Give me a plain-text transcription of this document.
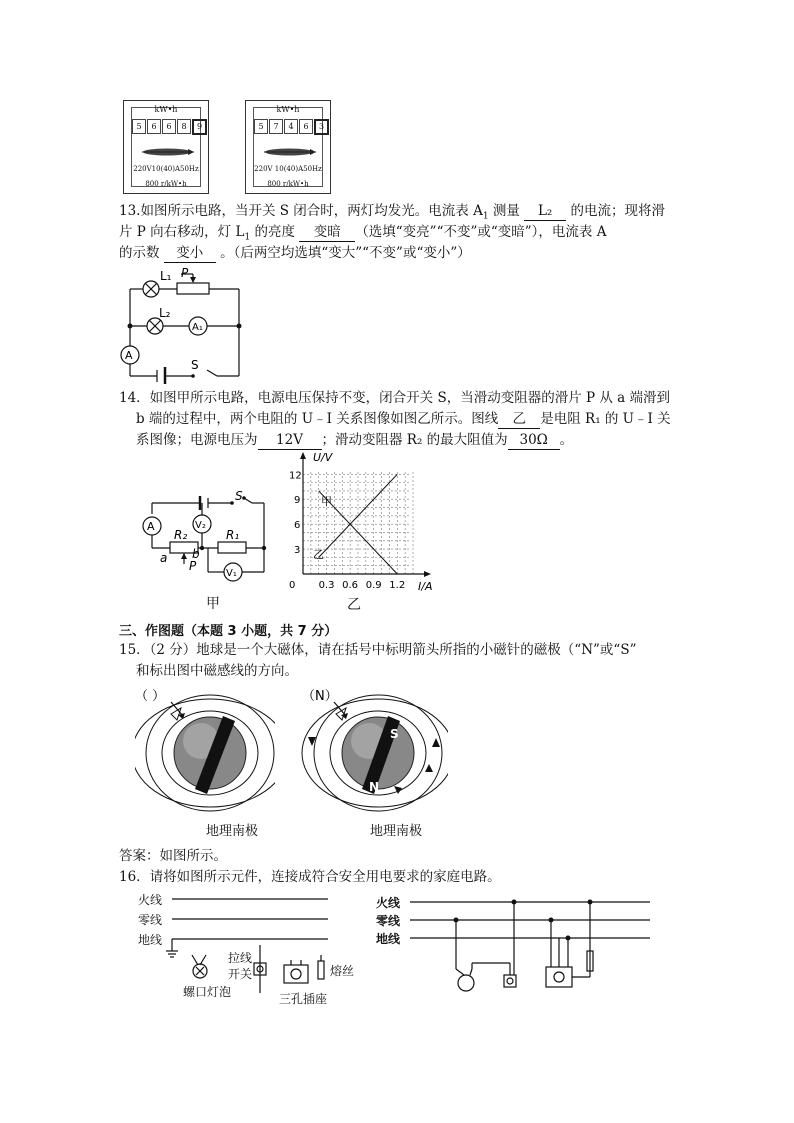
kW•h
5	6	6	8	9
220V10(40)A50Hz
800 r/kW•h
kW•h
5	7	4	6	3
220V 10(40)A50Hz
800 r/kW•h
13.如图所示电路，当开关 S 闭合时，两灯均发光。电流表 $A_1$ 测量 L₂ 的电流；现将滑
片 P 向右移动，灯 $L_1$ 的亮度 变暗 （选填“变亮”“不变”或“变暗”），电流表 A
的示数 变小 。（后两空均选填“变大”“不变”或“变小”）
L₁ P
L₂
A₁
A
S
14．如图甲所示电路，电源电压保持不变，闭合开关 S，当滑动变阻器的滑片 P 从 a 端滑到
b 端的过程中，两个电阻的 U﹣I 关系图像如图乙所示。图线 乙 是电阻 R₁ 的 U﹣I 关
系图像；电源电压为 12V ；滑动变阻器 R₂ 的最大阻值为 30Ω 。
S
A	V₂
R₂	R₁
a b
P
V₁
甲
0 0.3 0.6 0.9 1.2
3
6
9
12
U/V
I/A
甲
乙
乙
三、作图题（本题 3 小题，共 7 分）
15．（2 分）地球是一个大磁体，请在括号中标明箭头所指的小磁针的磁极（“N”或“S”
和标出图中磁感线的方向。
（ ）
地理南极
（N）
S
N
地理南极
答案：如图所示。
16．请将如图所示元件，连接成符合安全用电要求的家庭电路。
火线
零线
地线
拉线
开关	熔丝
螺口灯泡	三孔插座
火线
零线
地线
